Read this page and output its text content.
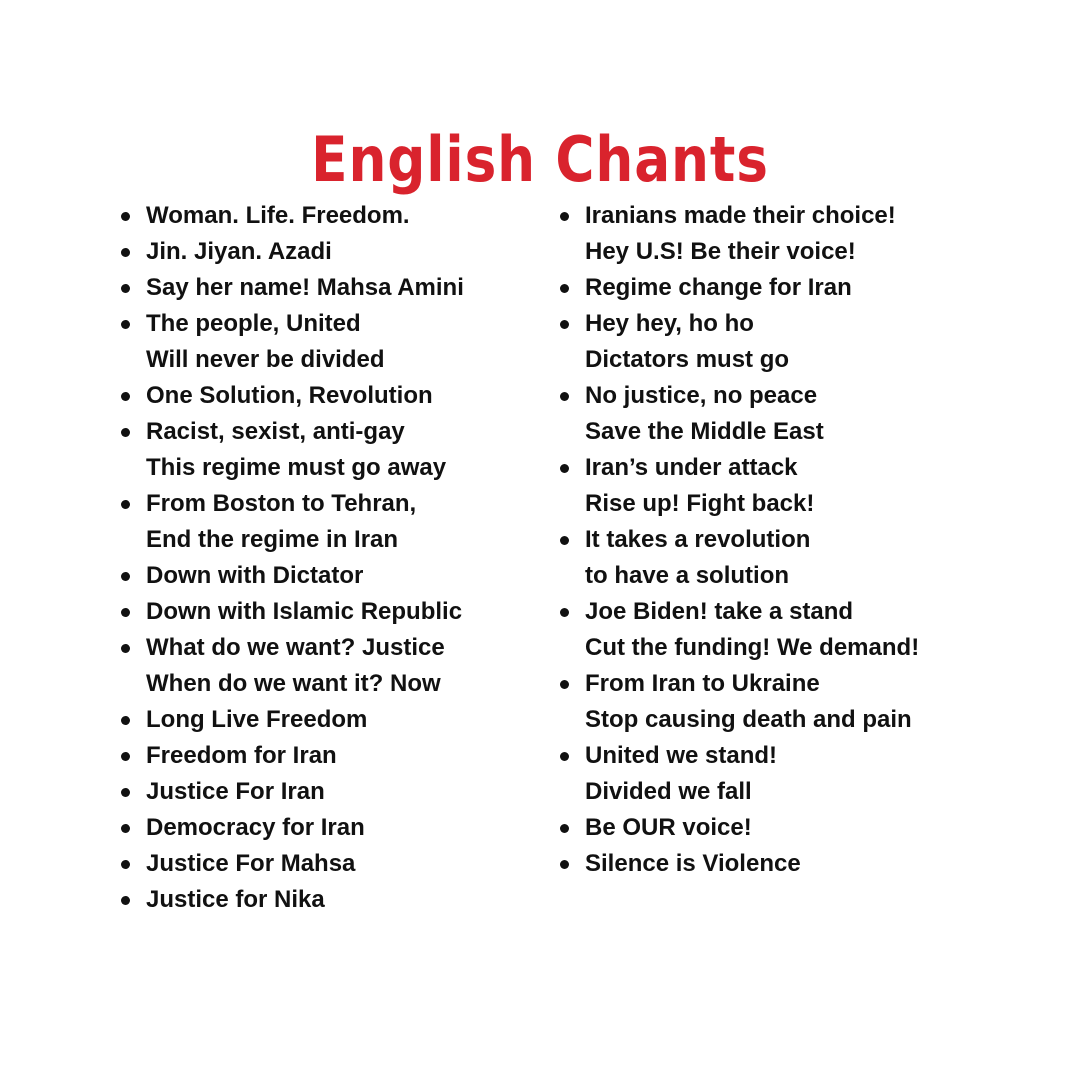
English Chants
Woman. Life. Freedom.
Jin. Jiyan. Azadi
Say her name! Mahsa Amini
The people, United
Will never be divided
One Solution, Revolution
Racist, sexist, anti-gay
This regime must go away
From Boston to Tehran,
End the regime in Iran
Down with Dictator
Down with Islamic Republic
What do we want? Justice
When do we want it? Now
Long Live Freedom
Freedom for Iran
Justice For Iran
Democracy for Iran
Justice For Mahsa
Justice for Nika
Iranians made their choice!
Hey U.S! Be their voice!
Regime change for Iran
Hey hey, ho ho
Dictators must go
No justice, no peace
Save the Middle East
Iran’s under attack
Rise up! Fight back!
It takes a revolution
to have a solution
Joe Biden! take a stand
Cut the funding! We demand!
From Iran to Ukraine
Stop causing death and pain
United we stand!
Divided we fall
Be OUR voice!
Silence is Violence
